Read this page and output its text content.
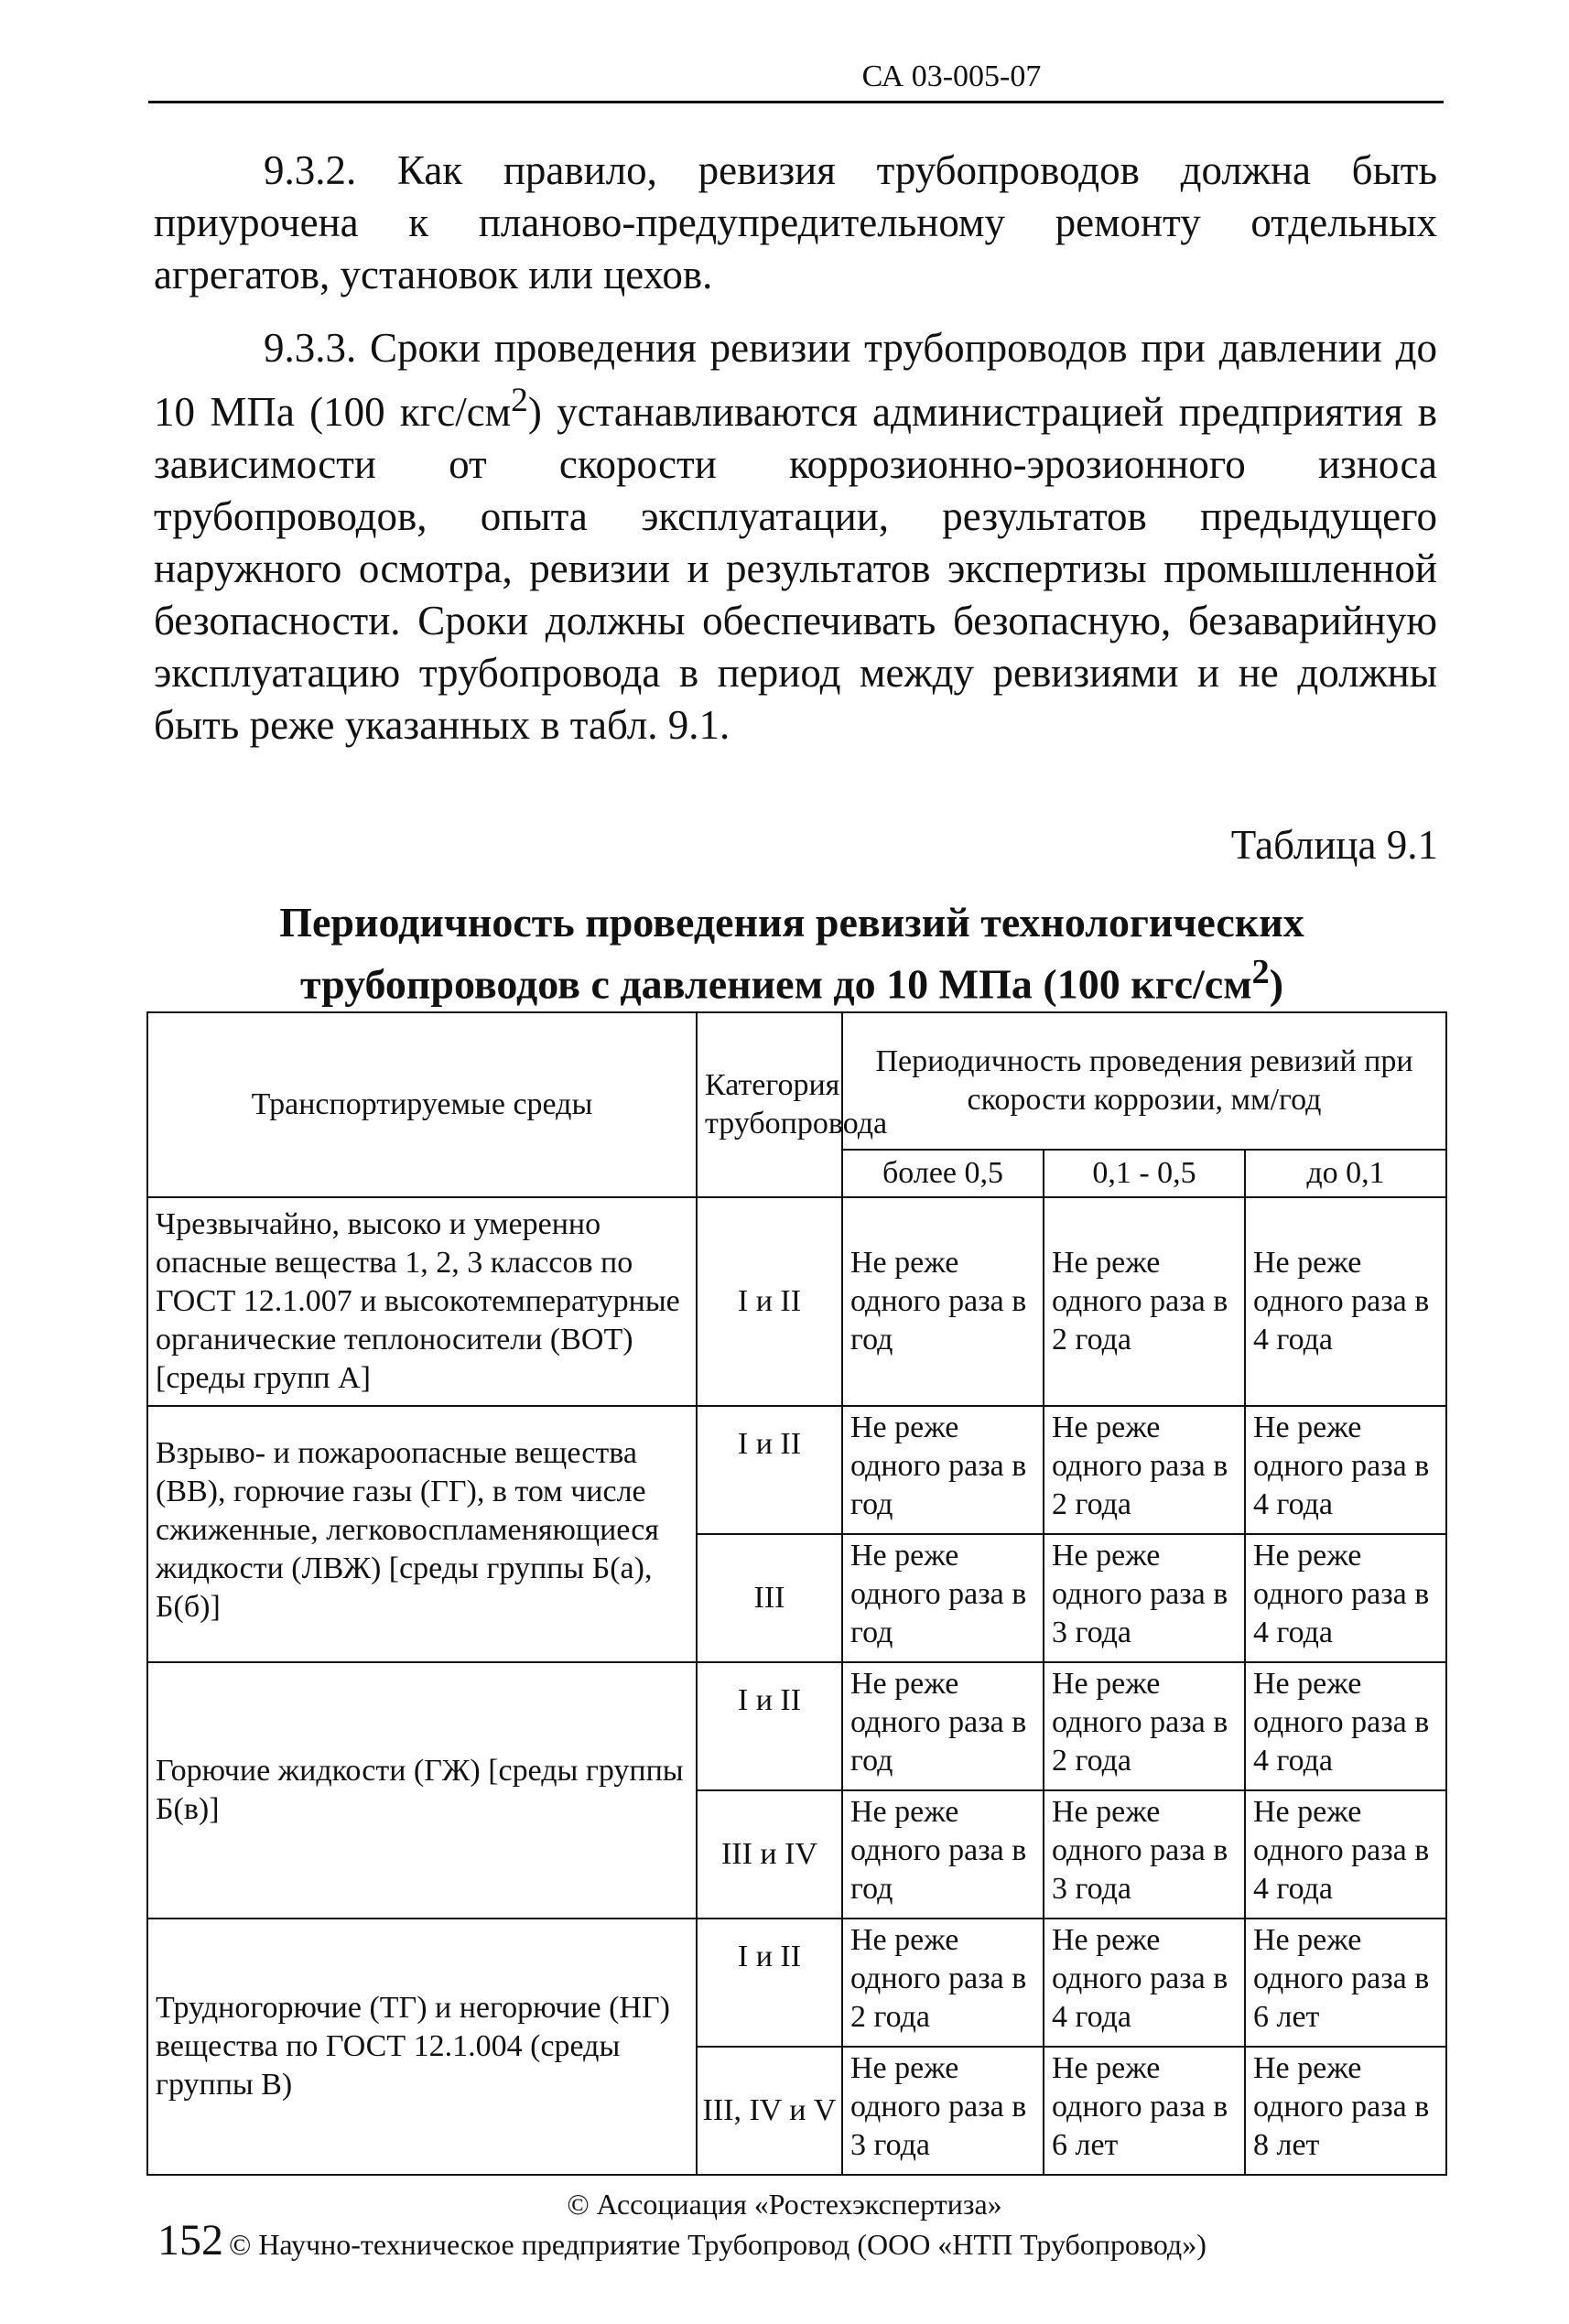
СА 03-005-07

9.3.2. Как правило, ревизия трубопроводов должна быть приурочена к планово-предупредительному ремонту отдельных агрегатов, установок или цехов.

9.3.3. Сроки проведения ревизии трубопроводов при давлении до 10 МПа (100 кгс/$см^2$) устанавливаются администрацией предприятия в зависимости от скорости коррозионно-эрозионного износа трубопроводов, опыта эксплуатации, результатов предыдущего наружного осмотра, ревизии и результатов экспертизы промышленной безопасности. Сроки должны обеспечивать безопасную, безаварийную эксплуатацию трубопровода в период между ревизиями и не должны быть реже указанных в табл. 9.1.

Таблица 9.1

Периодичность проведения ревизий технологических трубопроводов с давлением до 10 МПа (100 кгс/$см^2$)

Транспортируемые среды	Категория трубопровода	Периодичность проведения ревизий при скорости коррозии, мм/год		
		более 0,5	0,1 - 0,5	до 0,1
Чрезвычайно, высоко и умеренно опасные вещества 1, 2, 3 классов по ГОСТ 12.1.007 и высокотемпературные органические теплоносители (ВОТ) [среды групп А]	I и II	Не реже одного раза в год	Не реже одного раза в 2 года	Не реже одного раза в 4 года
Взрыво- и пожароопасные вещества (ВВ), горючие газы (ГГ), в том числе сжиженные, легковоспламеняющиеся жидкости (ЛВЖ) [среды группы Б(а), Б(б)]	I и II	Не реже одного раза в год	Не реже одного раза в 2 года	Не реже одного раза в 4 года
	III	Не реже одного раза в год	Не реже одного раза в 3 года	Не реже одного раза в 4 года
Горючие жидкости (ГЖ) [среды группы Б(в)]	I и II	Не реже одного раза в год	Не реже одного раза в 2 года	Не реже одного раза в 4 года
	III и IV	Не реже одного раза в год	Не реже одного раза в 3 года	Не реже одного раза в 4 года
Трудногорючие (ТГ) и негорючие (НГ) вещества по ГОСТ 12.1.004 (среды группы В)	I и II	Не реже одного раза в 2 года	Не реже одного раза в 4 года	Не реже одного раза в 6 лет
	III, IV и V	Не реже одного раза в 3 года	Не реже одного раза в 6 лет	Не реже одного раза в 8 лет
© Ассоциация «Ростехэкспертиза»
152 © Научно-техническое предприятие Трубопровод (ООО «НТП Трубопровод»)
